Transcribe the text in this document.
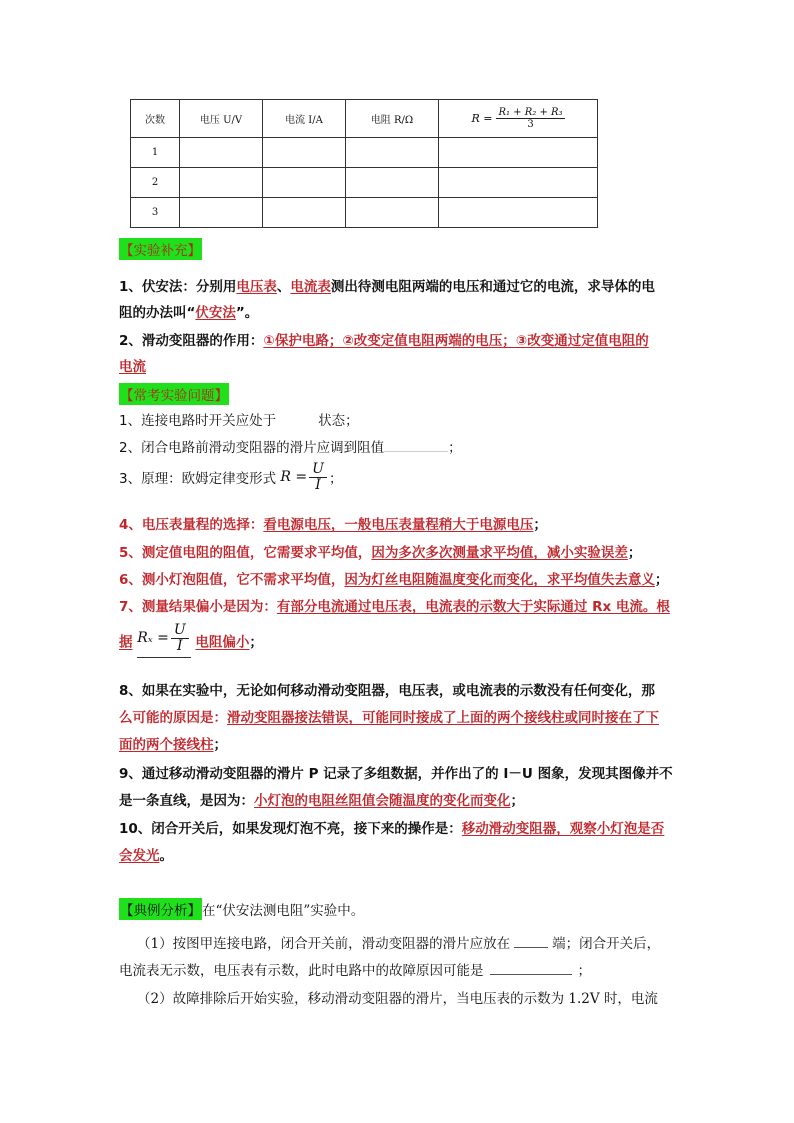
次数	电压 U/V	电流 I/A	电阻 R/Ω	$R = \frac{\text{R₁ + R₂ + R₃}}{3}$

1				
2				
3				
【实验补充】
1、伏安法：分别用电压表、电流表测出待测电阻两端的电压和通过它的电流，求导体的电
阻的办法叫“伏安法”。
2、滑动变阻器的作用：①保护电路；②改变定值电阻两端的电压；③改变通过定值电阻的
电流
【常考实验问题】
1、连接电路时开关应处于	状态；
2、闭合电路前滑动变阻器的滑片应调到阻值	；
3、原理：欧姆定律变形式 $R = \frac{U}{I}$ ；
4、电压表量程的选择：看电源电压，一般电压表量程稍大于电源电压；
5、测定值电阻的阻值，它需要求平均值，因为多次多次测量求平均值，减小实验误差；
6、测小灯泡阻值，它不需求平均值，因为灯丝电阻随温度变化而变化，求平均值失去意义；
7、测量结果偏小是因为：有部分电流通过电压表，电流表的示数大于实际通过 Rx 电流。根
据 $R_x = \frac{U}{I}$ 电阻偏小；
8、如果在实验中，无论如何移动滑动变阻器，电压表，或电流表的示数没有任何变化，那
么可能的原因是：滑动变阻器接法错误，可能同时接成了上面的两个接线柱或同时接在了下
面的两个接线柱；
9、通过移动滑动变阻器的滑片 P 记录了多组数据，并作出了的 I－U 图象，发现其图像并不
是一条直线，是因为：小灯泡的电阻丝阻值会随温度的变化而变化；
10、闭合开关后，如果发现灯泡不亮，接下来的操作是：移动滑动变阻器，观察小灯泡是否
会发光。
【典例分析】在“伏安法测电阻”实验中。
（1）按图甲连接电路，闭合开关前，滑动变阻器的滑片应放在	端；闭合开关后，
电流表无示数，电压表有示数，此时电路中的故障原因可能是	；
（2）故障排除后开始实验，移动滑动变阻器的滑片，当电压表的示数为 1.2V 时，电流
